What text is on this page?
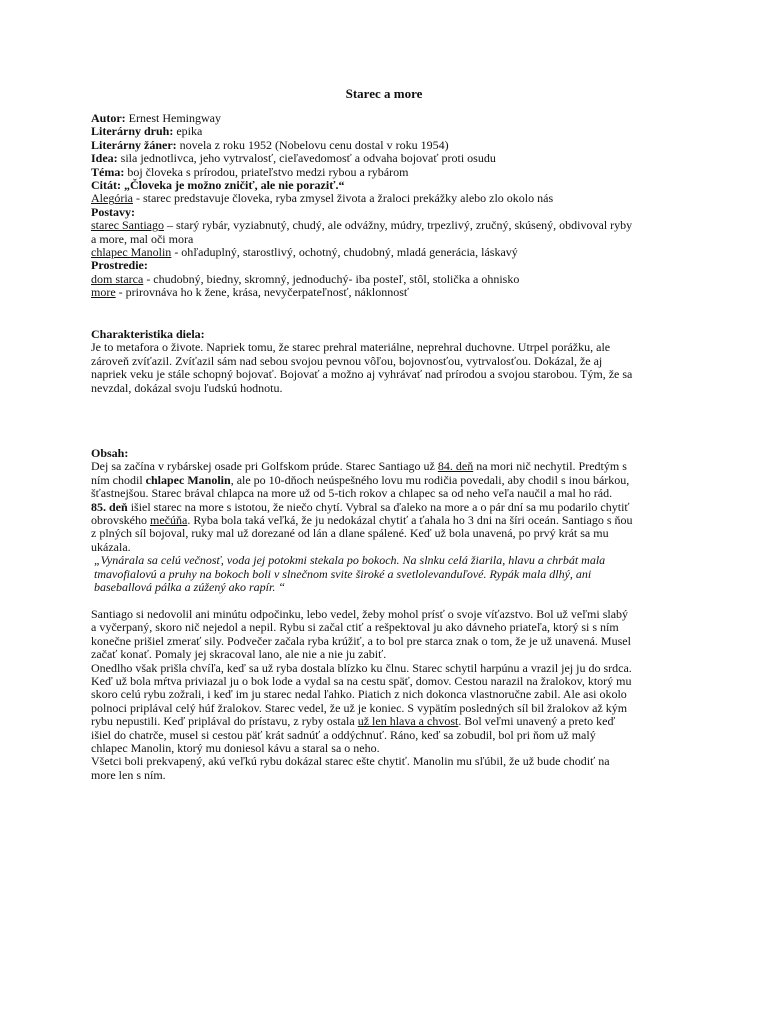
Starec a more
Autor: Ernest Hemingway
Literárny druh: epika
Literárny žáner: novela z roku 1952 (Nobelovu cenu dostal v roku 1954)
Idea: sila jednotlivca, jeho vytrvalosť, cieľavedomosť a odvaha bojovať proti osudu
Téma: boj človeka s prírodou, priateľstvo medzi rybou a rybárom
Citát: „Človeka je možno zničiť, ale nie poraziť.“
Alegória - starec predstavuje človeka, ryba zmysel života a žraloci prekážky alebo zlo okolo nás
Postavy:
starec Santiago – starý rybár, vyziabnutý, chudý, ale odvážny, múdry, trpezlivý, zručný, skúsený, obdivoval ryby
a more, mal oči mora
chlapec Manolin - ohľaduplný, starostlivý, ochotný, chudobný, mladá generácia, láskavý
Prostredie:
dom starca - chudobný, biedny, skromný, jednoduchý- iba posteľ, stôl, stolička a ohnisko
more - prirovnáva ho k žene, krása, nevyčerpateľnosť, náklonnosť
Charakteristika diela:
Je to metafora o živote. Napriek tomu, že starec prehral materiálne, neprehral duchovne. Utrpel porážku, ale
zároveň zvíťazil. Zvíťazil sám nad sebou svojou pevnou vôľou, bojovnosťou, vytrvalosťou. Dokázal, že aj
napriek veku je stále schopný bojovať. Bojovať a možno aj vyhrávať nad prírodou a svojou starobou. Tým, že sa
nevzdal, dokázal svoju ľudskú hodnotu.
Obsah:
Dej sa začína v rybárskej osade pri Golfskom prúde. Starec Santiago už 84. deň na mori nič nechytil. Predtým s
ním chodil chlapec Manolin, ale po 10-dňoch neúspešného lovu mu rodičia povedali, aby chodil s inou bárkou,
šťastnejšou. Starec brával chlapca na more už od 5-tich rokov a chlapec sa od neho veľa naučil a mal ho rád.
85. deň išiel starec na more s istotou, že niečo chytí. Vybral sa ďaleko na more a o pár dní sa mu podarilo chytiť
obrovského mečúňa. Ryba bola taká veľká, že ju nedokázal chytiť a ťahala ho 3 dni na šíri oceán. Santiago s ňou
z plných síl bojoval, ruky mal už dorezané od lán a dlane spálené. Keď už bola unavená, po prvý krát sa mu
ukázala.
„Vynárala sa celú večnosť, voda jej potokmi stekala po bokoch. Na slnku celá žiarila, hlavu a chrbát mala
tmavofialovú a pruhy na bokoch boli v slnečnom svite široké a svetlolevanduľové. Rypák mala dlhý, ani
baseballová pálka a zúžený ako rapír. “
Santiago si nedovolil ani minútu odpočinku, lebo vedel, žeby mohol prísť o svoje víťazstvo. Bol už veľmi slabý
a vyčerpaný, skoro nič nejedol a nepil. Rybu si začal ctiť a rešpektoval ju ako dávneho priateľa, ktorý si s ním
konečne prišiel zmerať sily. Podvečer začala ryba krúžiť, a to bol pre starca znak o tom, že je už unavená. Musel
začať konať. Pomaly jej skracoval lano, ale nie a nie ju zabiť.
Onedlho však prišla chvíľa, keď sa už ryba dostala blízko ku člnu. Starec schytil harpúnu a vrazil jej ju do srdca.
Keď už bola mŕtva priviazal ju o bok lode a vydal sa na cestu späť, domov. Cestou narazil na žralokov, ktorý mu
skoro celú rybu zožrali, i keď im ju starec nedal ľahko. Piatich z nich dokonca vlastnoručne zabil. Ale asi okolo
polnoci priplával celý húf žralokov. Starec vedel, že už je koniec. S vypätím posledných síl bil žralokov až kým
rybu nepustili. Keď priplával do prístavu, z ryby ostala už len hlava a chvost. Bol veľmi unavený a preto keď
išiel do chatrče, musel si cestou päť krát sadnúť a oddýchnuť. Ráno, keď sa zobudil, bol pri ňom už malý
chlapec Manolin, ktorý mu doniesol kávu a staral sa o neho.
Všetci boli prekvapený, akú veľkú rybu dokázal starec ešte chytiť. Manolin mu sľúbil, že už bude chodiť na
more len s ním.
